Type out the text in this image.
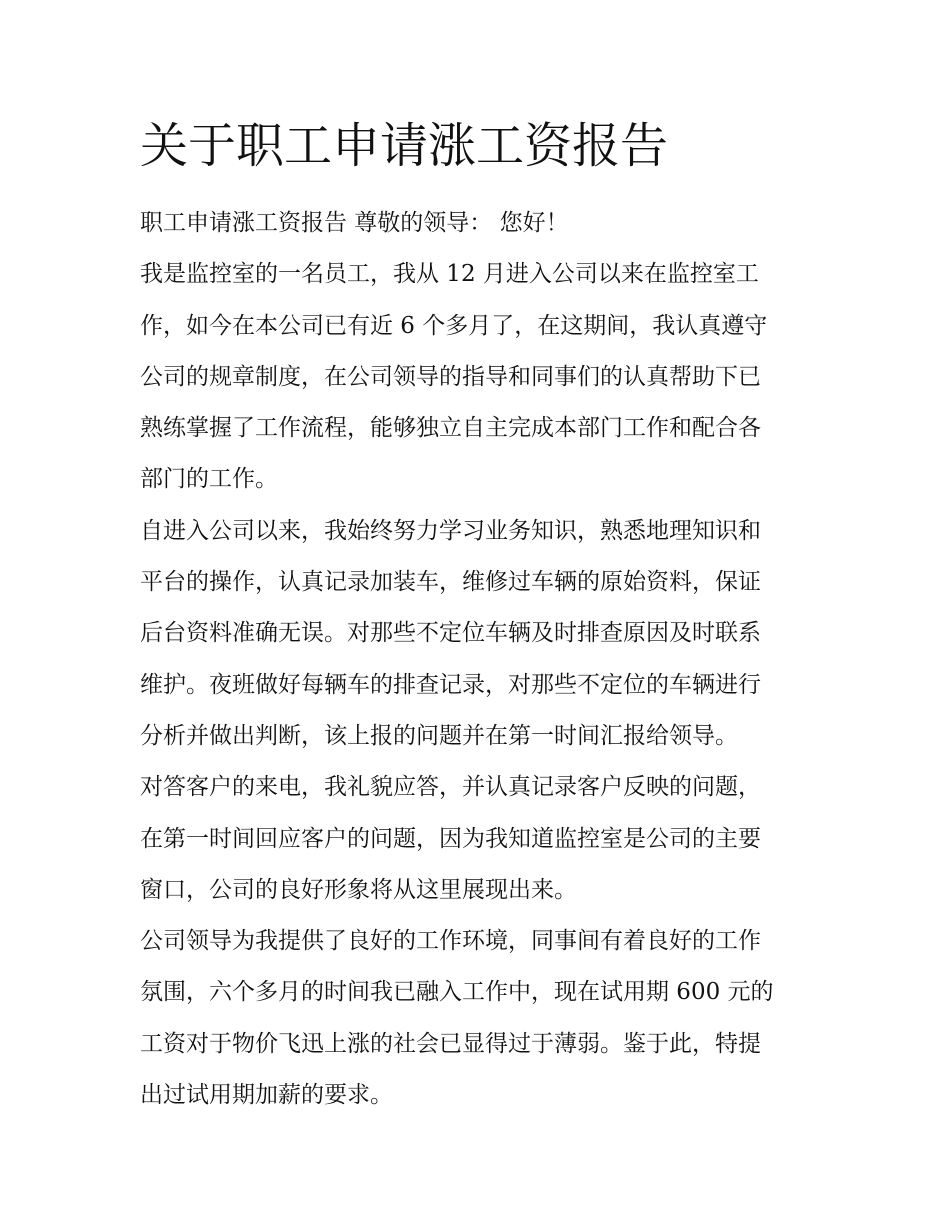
关于职工申请涨工资报告

职工申请涨工资报告 尊敬的领导： 您好！

我是监控室的一名员工，我从 12 月进入公司以来在监控室工

作，如今在本公司已有近 6 个多月了，在这期间，我认真遵守

公司的规章制度，在公司领导的指导和同事们的认真帮助下已

熟练掌握了工作流程，能够独立自主完成本部门工作和配合各

部门的工作。

自进入公司以来，我始终努力学习业务知识，熟悉地理知识和

平台的操作，认真记录加装车，维修过车辆的原始资料，保证

后台资料准确无误。对那些不定位车辆及时排查原因及时联系

维护。夜班做好每辆车的排查记录，对那些不定位的车辆进行

分析并做出判断，该上报的问题并在第一时间汇报给领导。

对答客户的来电，我礼貌应答，并认真记录客户反映的问题，

在第一时间回应客户的问题，因为我知道监控室是公司的主要

窗口，公司的良好形象将从这里展现出来。

公司领导为我提供了良好的工作环境，同事间有着良好的工作

氛围，六个多月的时间我已融入工作中，现在试用期 600 元的

工资对于物价飞迅上涨的社会已显得过于薄弱。鉴于此，特提

出过试用期加薪的要求。
